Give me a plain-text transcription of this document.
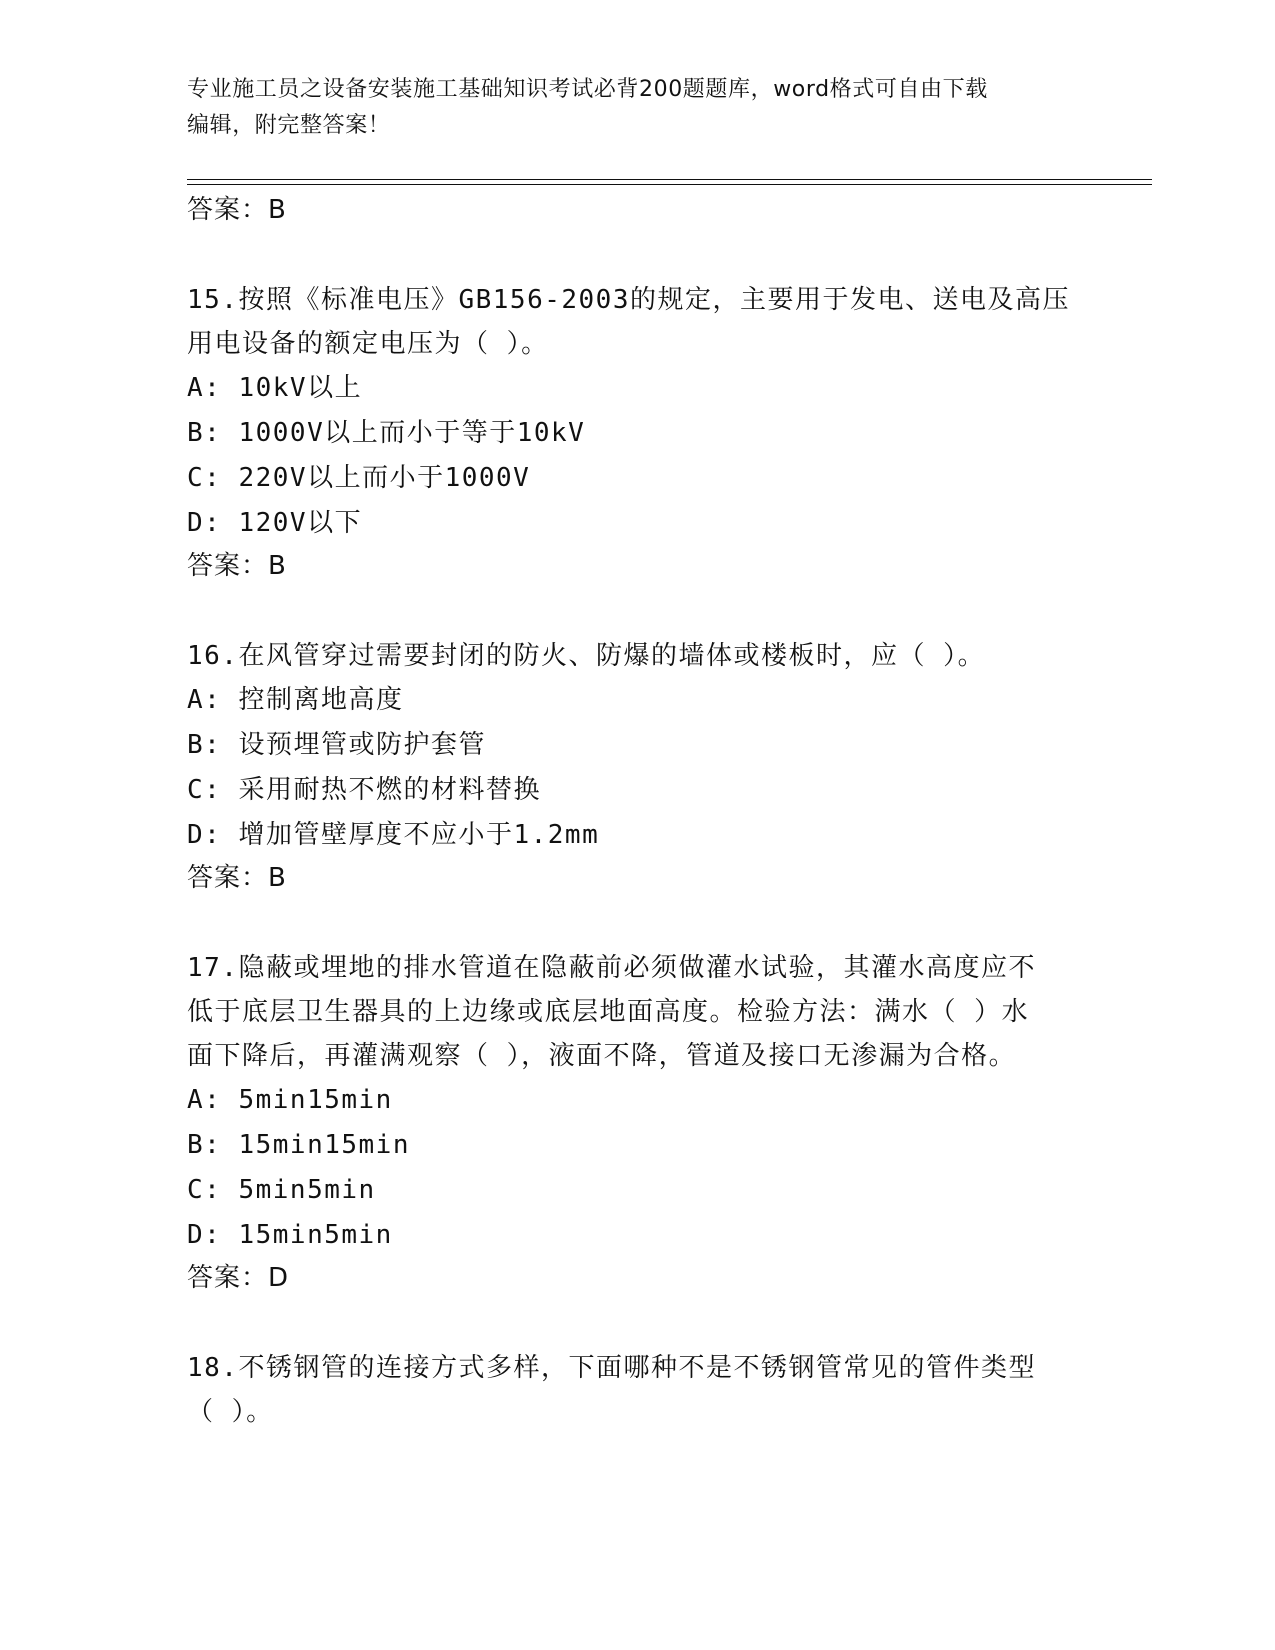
专业施工员之设备安装施工基础知识考试必背200题题库，word格式可自由下载
编辑，附完整答案！
答案：B
15.按照《标准电压》GB156-2003的规定，主要用于发电、送电及高压
用电设备的额定电压为（ ）。
A: 10kV以上
B: 1000V以上而小于等于10kV
C: 220V以上而小于1000V
D: 120V以下
答案：B
16.在风管穿过需要封闭的防火、防爆的墙体或楼板时，应（ ）。
A: 控制离地高度
B: 设预埋管或防护套管
C: 采用耐热不燃的材料替换
D: 增加管壁厚度不应小于1.2mm
答案：B
17.隐蔽或埋地的排水管道在隐蔽前必须做灌水试验，其灌水高度应不
低于底层卫生器具的上边缘或底层地面高度。检验方法：满水（ ）水
面下降后，再灌满观察（ ），液面不降，管道及接口无渗漏为合格。
A: 5min15min
B: 15min15min
C: 5min5min
D: 15min5min
答案：D
18.不锈钢管的连接方式多样，下面哪种不是不锈钢管常见的管件类型
（ ）。
